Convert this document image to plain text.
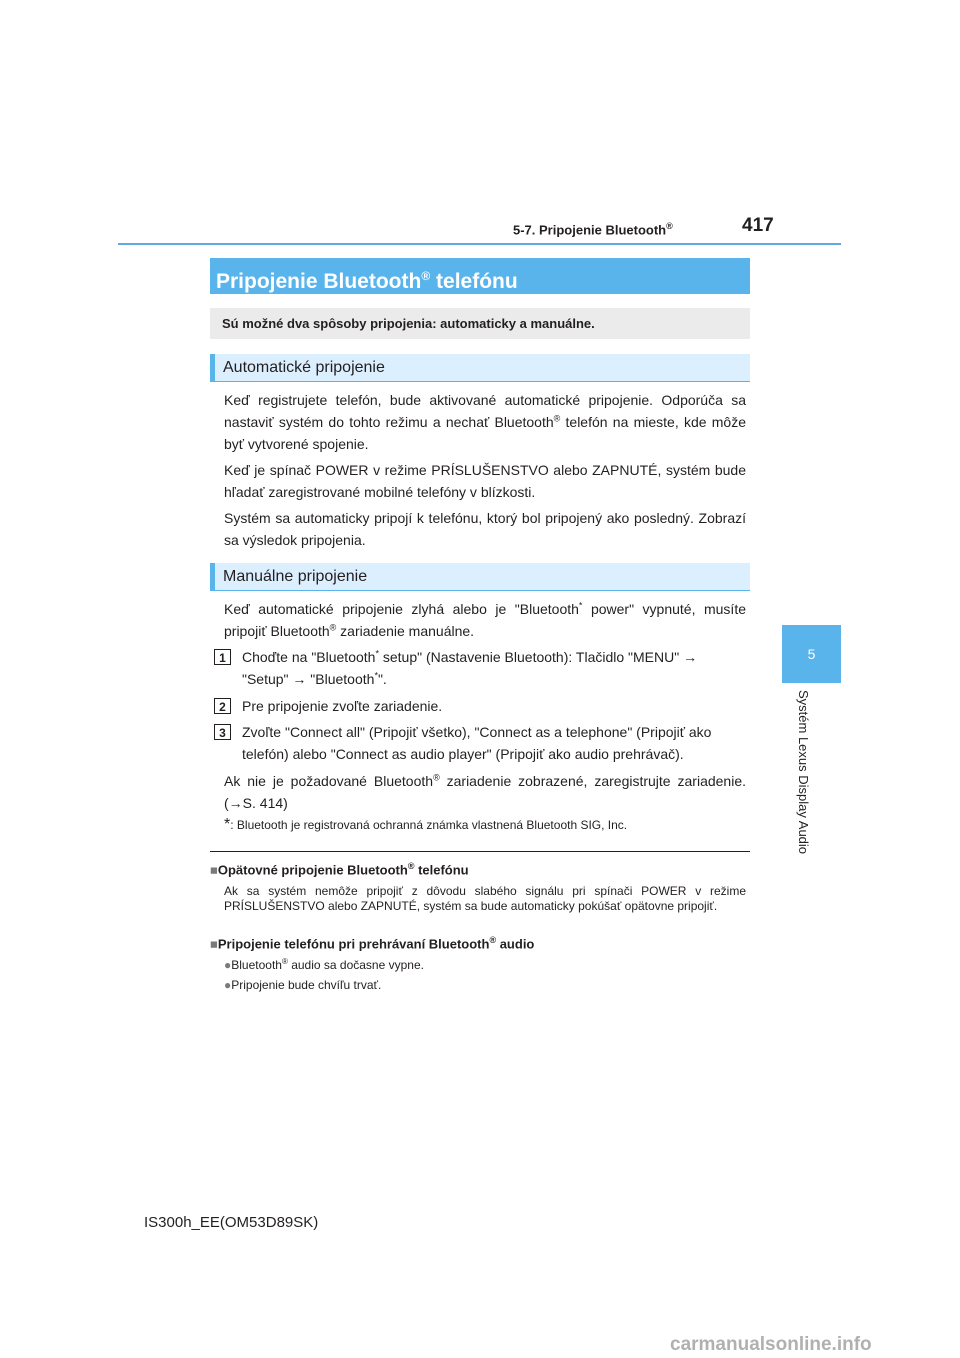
5-7. Pripojenie Bluetooth®	417
5
Systém Lexus Display Audio
Pripojenie Bluetooth® telefónu
Sú možné dva spôsoby pripojenia: automaticky a manuálne.
Automatické pripojenie
Keď registrujete telefón, bude aktivované automatické pripojenie. Odporúča sa nastaviť systém do tohto režimu a nechať Bluetooth® telefón na mieste, kde môže byť vytvorené spojenie.
Keď je spínač POWER v režime PRÍSLUŠENSTVO alebo ZAPNUTÉ, systém bude hľadať zaregistrované mobilné telefóny v blízkosti.
Systém sa automaticky pripojí k telefónu, ktorý bol pripojený ako posledný. Zobrazí sa výsledok pripojenia.
Manuálne pripojenie
Keď automatické pripojenie zlyhá alebo je "Bluetooth* power" vypnuté, musíte pripojiť Bluetooth® zariadenie manuálne.
1	Choďte na "Bluetooth* setup" (Nastavenie Bluetooth): Tlačidlo "MENU" → "Setup" → "Bluetooth*".
2	Pre pripojenie zvoľte zariadenie.
3	Zvoľte "Connect all" (Pripojiť všetko), "Connect as a telephone" (Pripojiť ako telefón) alebo "Connect as audio player" (Pripojiť ako audio prehrávač).
Ak nie je požadované Bluetooth® zariadenie zobrazené, zaregistrujte zariadenie. (→S. 414)
*: Bluetooth je registrovaná ochranná známka vlastnená Bluetooth SIG, Inc.
■Opätovné pripojenie Bluetooth® telefónu
Ak sa systém nemôže pripojiť z dôvodu slabého signálu pri spínači POWER v režime PRÍSLUŠENSTVO alebo ZAPNUTÉ, systém sa bude automaticky pokúšať opätovne pripojiť.
■Pripojenie telefónu pri prehrávaní Bluetooth® audio
●Bluetooth® audio sa dočasne vypne.
●Pripojenie bude chvíľu trvať.
IS300h_EE(OM53D89SK)
carmanualsonline.info
